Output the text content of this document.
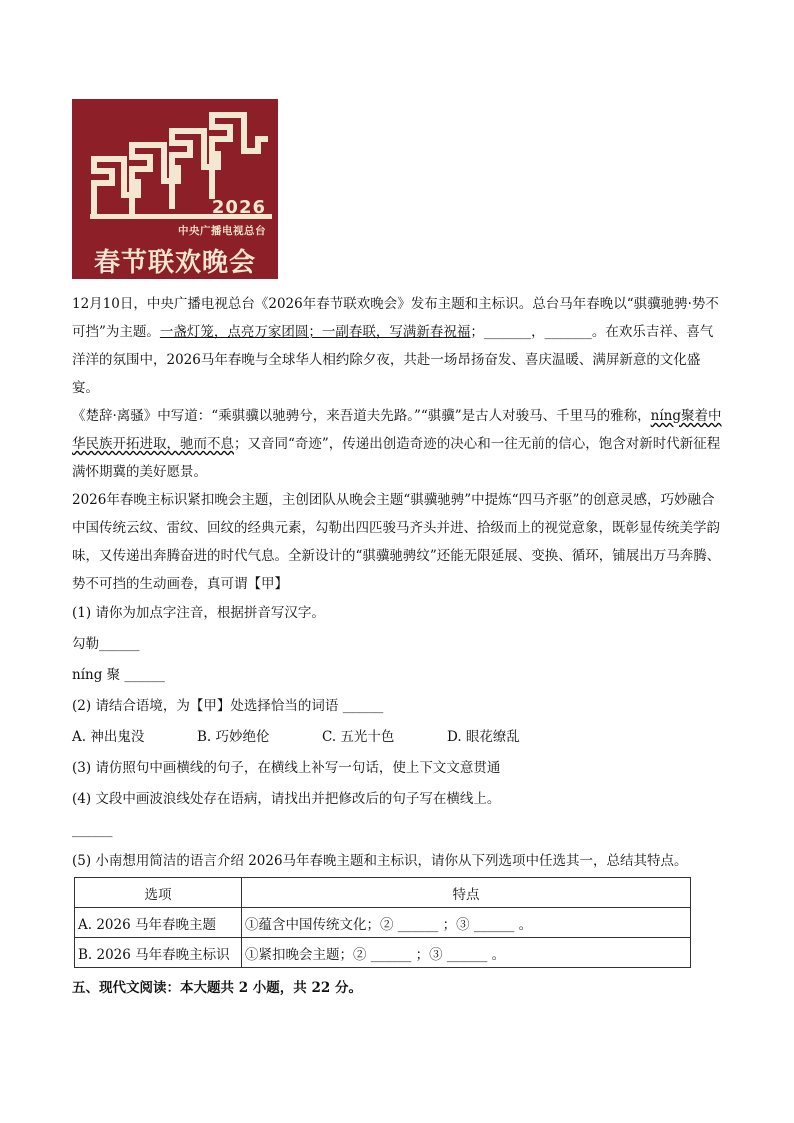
2026
中央广播电视总台
春节联欢晚会

12月10日，中央广播电视总台《2026年春节联欢晚会》发布主题和主标识。总台马年春晚以“骐骥驰骋·势不可挡”为主题。一盏灯笼，点亮万家团圆；一副春联，写满新春祝福；_______，_______。在欢乐吉祥、喜气洋洋的氛围中，2026马年春晚与全球华人相约除夕夜，共赴一场昂扬奋发、喜庆温暖、满屏新意的文化盛宴。

《楚辞·离骚》中写道：“乘骐骥以驰骋兮，来吾道夫先路。”“骐骥”是古人对骏马、千里马的雅称，níng聚着中华民族开拓进取，驰而不息；又音同“奇迹”，传递出创造奇迹的决心和一往无前的信心，饱含对新时代新征程满怀期冀的美好愿景。

2026年春晚主标识紧扣晚会主题，主创团队从晚会主题“骐骥驰骋”中提炼“四马齐驱”的创意灵感，巧妙融合中国传统云纹、雷纹、回纹的经典元素，勾勒出四匹骏马齐头并进、拾级而上的视觉意象，既彰显传统美学韵味，又传递出奔腾奋进的时代气息。全新设计的“骐骥驰骋纹”还能无限延展、变换、循环，铺展出万马奔腾、势不可挡的生动画卷，真可谓【甲】

(1) 请你为加点字注音，根据拼音写汉字。

勾勒______

níng 聚 ______

(2) 请结合语境，为【甲】处选择恰当的词语 ______

A. 神出鬼没	B. 巧妙绝伦	C. 五光十色	D. 眼花缭乱

(3) 请仿照句中画横线的句子，在横线上补写一句话，使上下文文意贯通

(4) 文段中画波浪线处存在语病，请找出并把修改后的句子写在横线上。

______

(5) 小南想用简洁的语言介绍 2026马年春晚主题和主标识，请你从下列选项中任选其一，总结其特点。

选项	特点
A. 2026 马年春晚主题	①蕴含中国传统文化；② ______ ；③ ______ 。
B. 2026 马年春晚主标识	①紧扣晚会主题；② ______ ；③ ______ 。

五、现代文阅读：本大题共 2 小题，共 22 分。
